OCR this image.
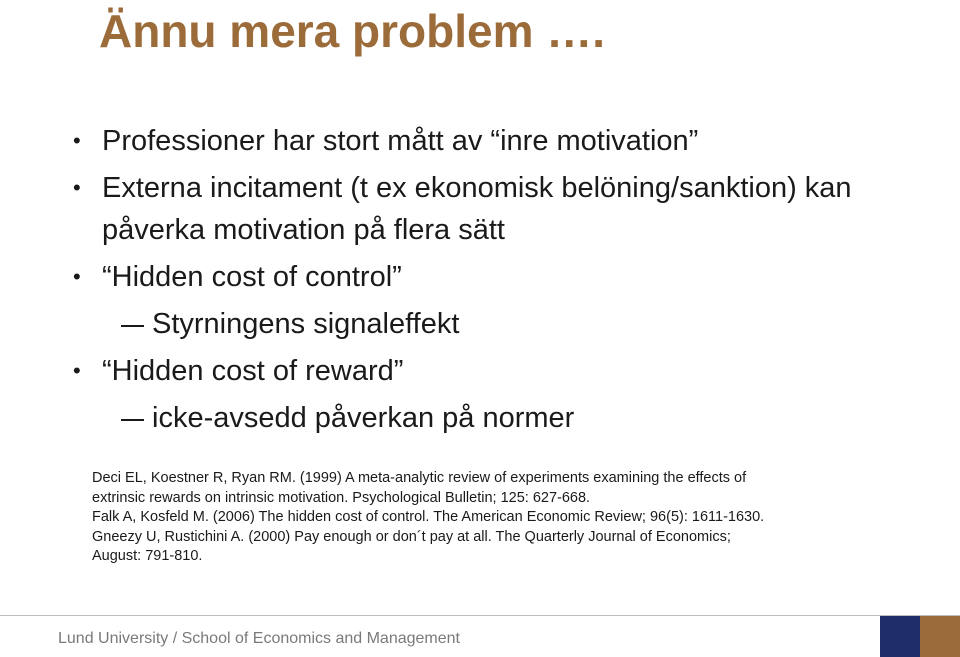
Ännu mera problem ….
• Professioner har stort mått av “inre motivation”
• Externa incitament (t ex ekonomisk belöning/sanktion) kan påverka motivation på flera sätt
• “Hidden cost of control”
Styrningens signaleffekt
• “Hidden cost of reward”
icke-avsedd påverkan på normer
Deci EL, Koestner R, Ryan RM. (1999) A meta-analytic review of experiments examining the effects of
extrinsic rewards on intrinsic motivation. Psychological Bulletin; 125: 627-668.
Falk A, Kosfeld M. (2006) The hidden cost of control. The American Economic Review; 96(5): 1611-1630.
Gneezy U, Rustichini A. (2000) Pay enough or don´t pay at all. The Quarterly Journal of Economics;
August: 791-810.
Lund University / School of Economics and Management
